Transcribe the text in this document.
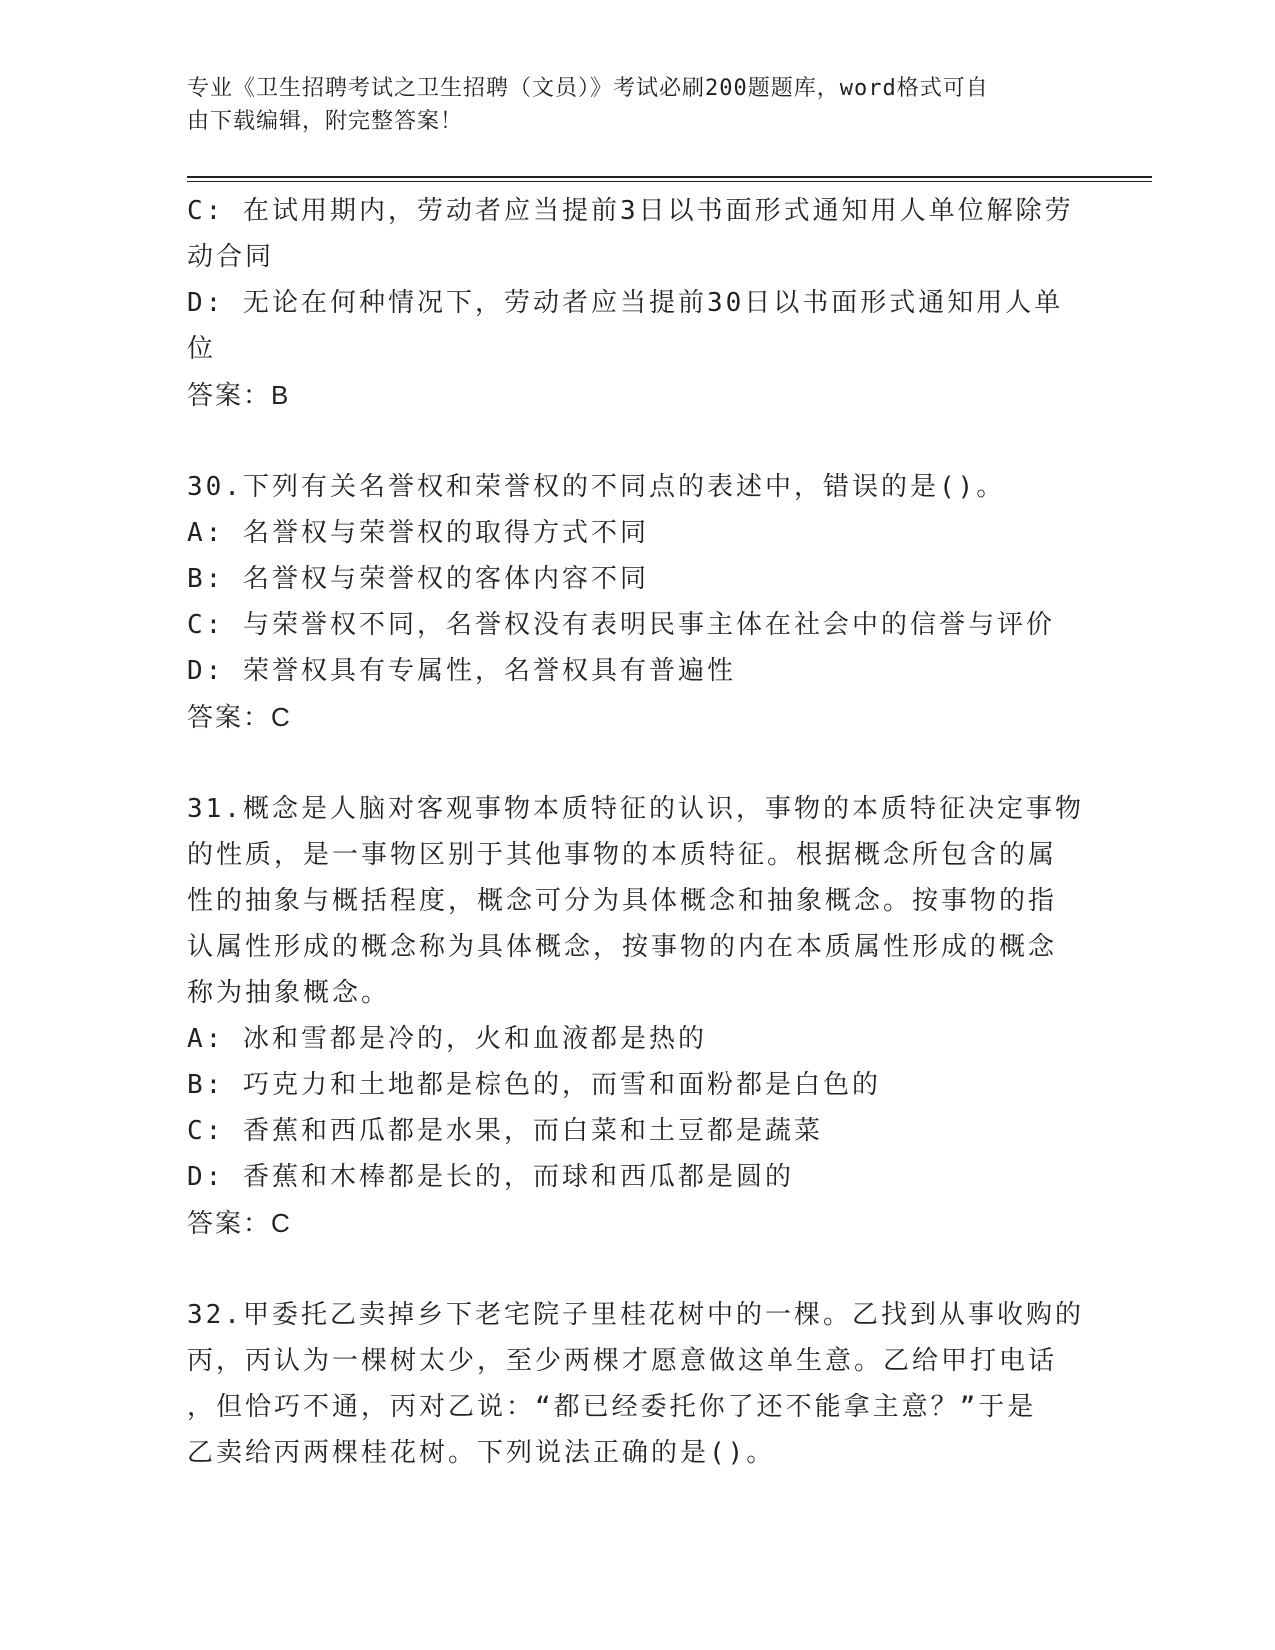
专业《卫生招聘考试之卫生招聘（文员）》考试必刷200题题库，word格式可自
由下载编辑，附完整答案！
C: 在试用期内，劳动者应当提前3日以书面形式通知用人单位解除劳
动合同
D: 无论在何种情况下，劳动者应当提前30日以书面形式通知用人单
位
答案：B
30.下列有关名誉权和荣誉权的不同点的表述中，错误的是()。
A: 名誉权与荣誉权的取得方式不同
B: 名誉权与荣誉权的客体内容不同
C: 与荣誉权不同，名誉权没有表明民事主体在社会中的信誉与评价
D: 荣誉权具有专属性，名誉权具有普遍性
答案：C
31.概念是人脑对客观事物本质特征的认识，事物的本质特征决定事物
的性质，是一事物区别于其他事物的本质特征。根据概念所包含的属
性的抽象与概括程度，概念可分为具体概念和抽象概念。按事物的指
认属性形成的概念称为具体概念，按事物的内在本质属性形成的概念
称为抽象概念。
A: 冰和雪都是冷的，火和血液都是热的
B: 巧克力和土地都是棕色的，而雪和面粉都是白色的
C: 香蕉和西瓜都是水果，而白菜和土豆都是蔬菜
D: 香蕉和木棒都是长的，而球和西瓜都是圆的
答案：C
32.甲委托乙卖掉乡下老宅院子里桂花树中的一棵。乙找到从事收购的
丙，丙认为一棵树太少，至少两棵才愿意做这单生意。乙给甲打电话
，但恰巧不通，丙对乙说：“都已经委托你了还不能拿主意？”于是
乙卖给丙两棵桂花树。下列说法正确的是()。
